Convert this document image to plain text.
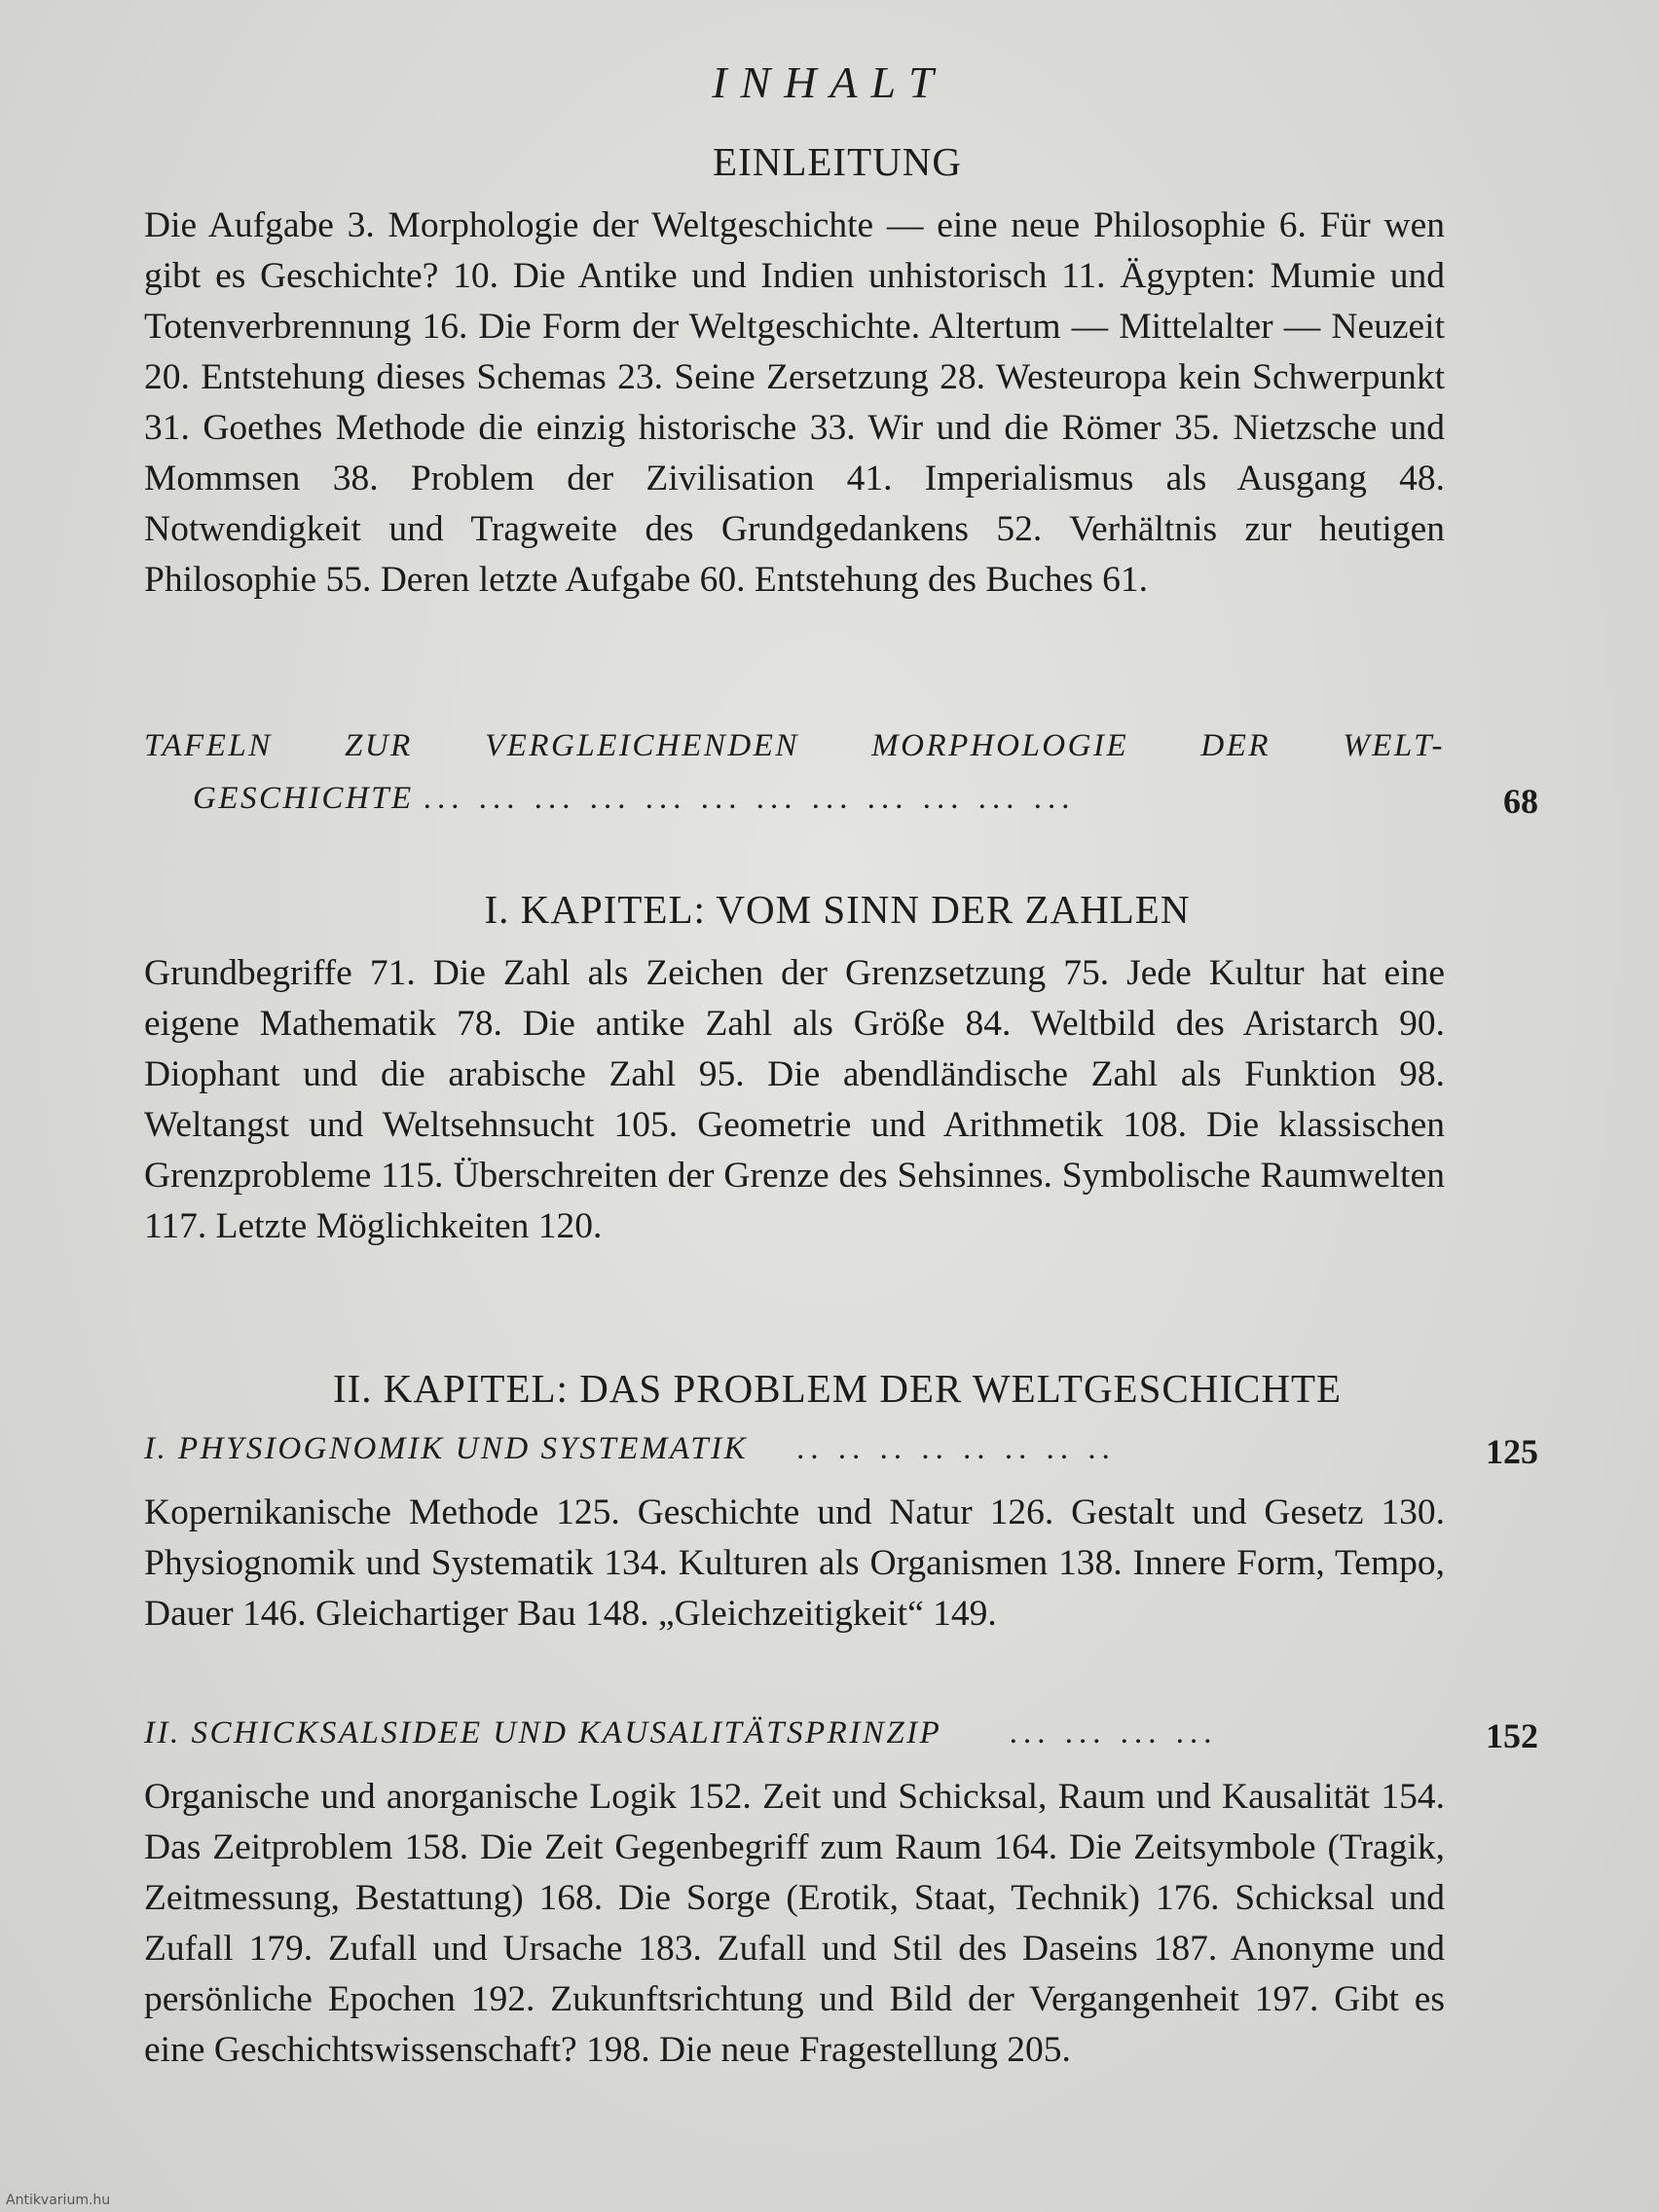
INHALT
EINLEITUNG
Die Aufgabe 3. Morphologie der Weltgeschichte — eine neue Philosophie 6. Für wen gibt es Geschichte? 10. Die Antike und Indien unhistorisch 11. Ägypten: Mumie und Totenverbrennung 16. Die Form der Weltgeschichte. Altertum — Mittelalter — Neuzeit 20. Entstehung dieses Schemas 23. Seine Zersetzung 28. Westeuropa kein Schwerpunkt 31. Goethes Methode die einzig historische 33. Wir und die Römer 35. Nietzsche und Mommsen 38. Problem der Zivilisation 41. Imperialismus als Ausgang 48. Notwendigkeit und Tragweite des Grundgedankens 52. Verhältnis zur heutigen Philosophie 55. Deren letzte Aufgabe 60. Entstehung des Buches 61.
TAFELN ZUR VERGLEICHENDEN MORPHOLOGIE DER WELT-
GESCHICHTE ... ... ... ... ... ... ... ... ... ... ... ...	68
I. KAPITEL: VOM SINN DER ZAHLEN
Grundbegriffe 71. Die Zahl als Zeichen der Grenzsetzung 75. Jede Kultur hat eine eigene Mathematik 78. Die antike Zahl als Größe 84. Weltbild des Aristarch 90. Diophant und die arabische Zahl 95. Die abendländische Zahl als Funktion 98. Weltangst und Weltsehnsucht 105. Geometrie und Arithmetik 108. Die klassischen Grenzprobleme 115. Überschreiten der Grenze des Sehsinnes. Symbolische Raumwelten 117. Letzte Möglichkeiten 120.
II. KAPITEL: DAS PROBLEM DER WELTGESCHICHTE
I. PHYSIOGNOMIK UND SYSTEMATIK .. .. .. .. .. .. .. ..	125
Kopernikanische Methode 125. Geschichte und Natur 126. Gestalt und Gesetz 130. Physiognomik und Systematik 134. Kulturen als Organismen 138. Innere Form, Tempo, Dauer 146. Gleichartiger Bau 148. „Gleichzeitigkeit“ 149.
II. SCHICKSALSIDEE UND KAUSALITÄTSPRINZIP ... ... ... ...	152
Organische und anorganische Logik 152. Zeit und Schicksal, Raum und Kausalität 154. Das Zeitproblem 158. Die Zeit Gegenbegriff zum Raum 164. Die Zeitsymbole (Tragik, Zeitmessung, Bestattung) 168. Die Sorge (Erotik, Staat, Technik) 176. Schicksal und Zufall 179. Zufall und Ursache 183. Zufall und Stil des Daseins 187. Anonyme und persönliche Epochen 192. Zukunftsrichtung und Bild der Vergangenheit 197. Gibt es eine Geschichtswissenschaft? 198. Die neue Fragestellung 205.
Antikvarium.hu
